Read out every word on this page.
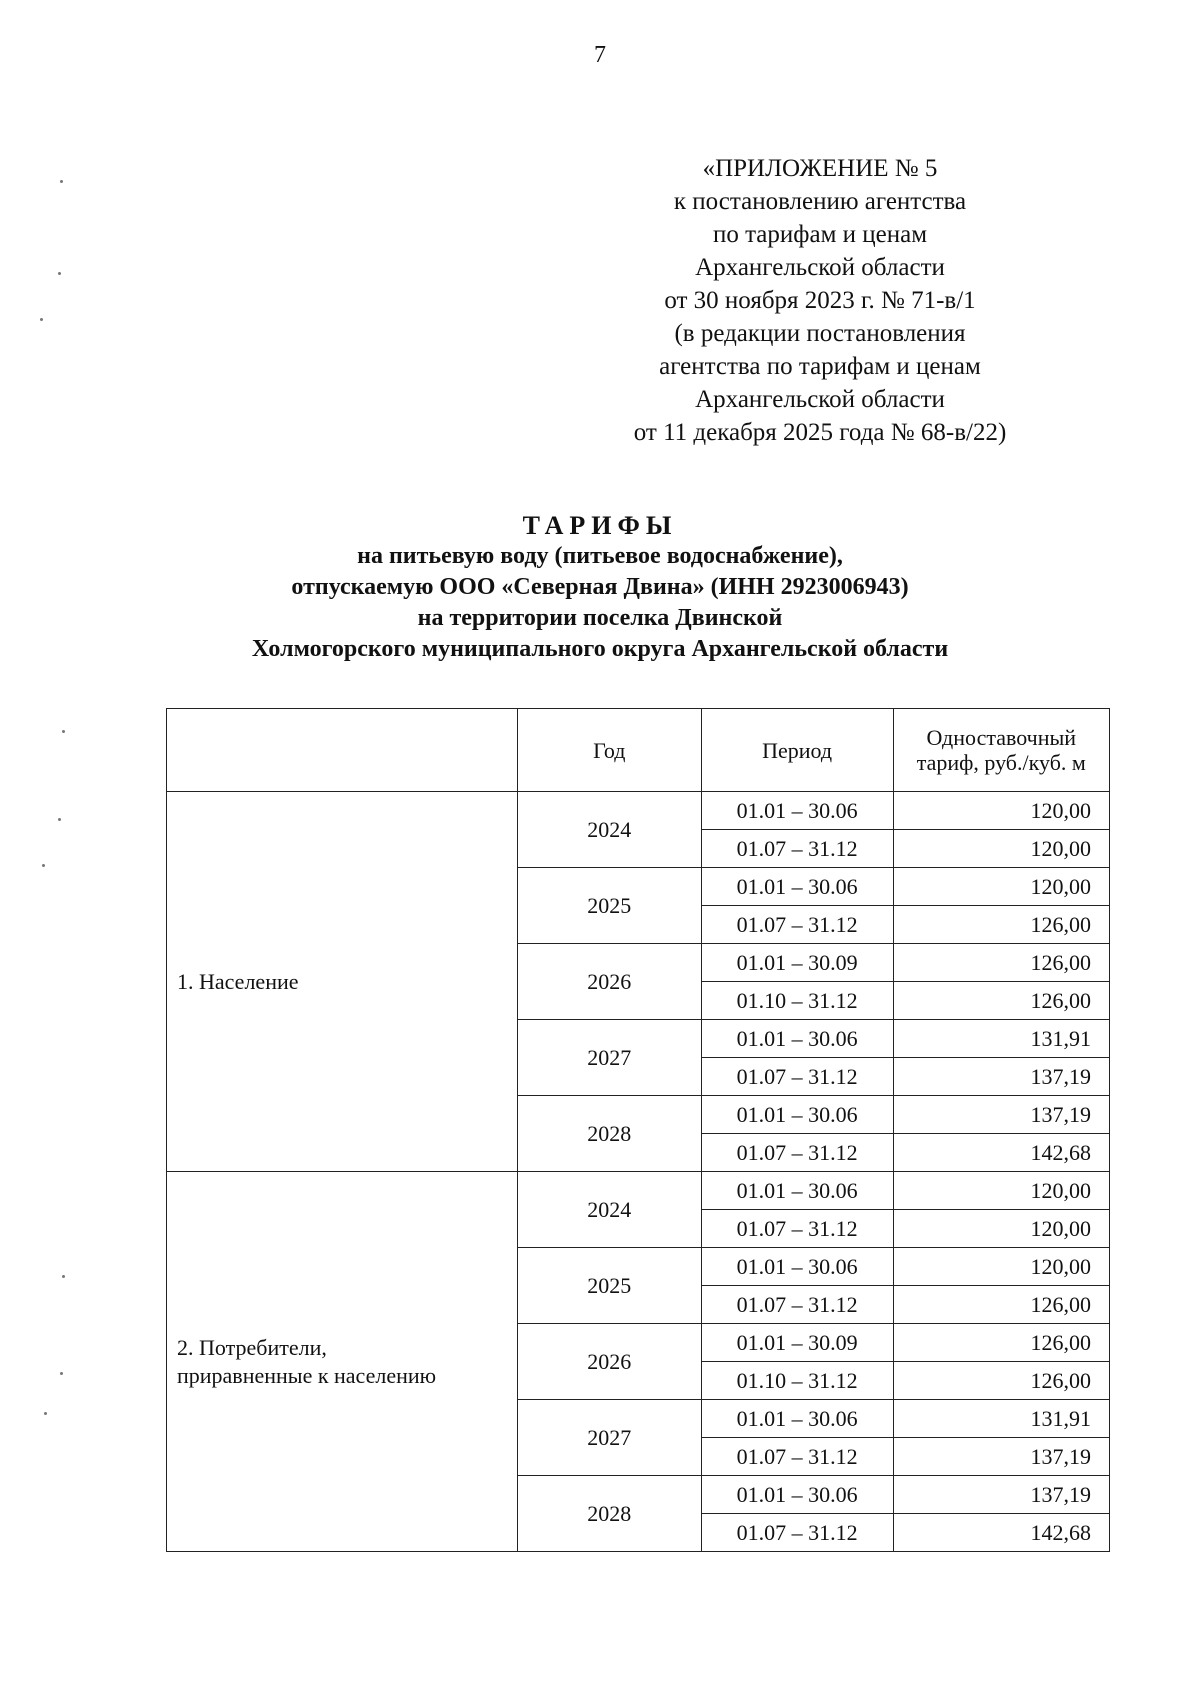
7
«ПРИЛОЖЕНИЕ № 5
к постановлению агентства
по тарифам и ценам
Архангельской области
от 30 ноября 2023 г. № 71-в/1
(в редакции постановления
агентства по тарифам и ценам
Архангельской области
от 11 декабря 2025 года № 68-в/22)
ТАРИФЫ
на питьевую воду (питьевое водоснабжение),
отпускаемую ООО «Северная Двина» (ИНН 2923006943)
на территории поселка Двинской
Холмогорского муниципального округа Архангельской области
	Год	Период	Одноставочный тариф, руб./куб. м
1. Население	2024	01.01 – 30.06	120,00
		01.07 – 31.12	120,00
	2025	01.01 – 30.06	120,00
		01.07 – 31.12	126,00
	2026	01.01 – 30.09	126,00
		01.10 – 31.12	126,00
	2027	01.01 – 30.06	131,91
		01.07 – 31.12	137,19
	2028	01.01 – 30.06	137,19
		01.07 – 31.12	142,68
2. Потребители,
приравненные к населению	2024	01.01 – 30.06	120,00
		01.07 – 31.12	120,00
	2025	01.01 – 30.06	120,00
		01.07 – 31.12	126,00
	2026	01.01 – 30.09	126,00
		01.10 – 31.12	126,00
	2027	01.01 – 30.06	131,91
		01.07 – 31.12	137,19
	2028	01.01 – 30.06	137,19
		01.07 – 31.12	142,68
